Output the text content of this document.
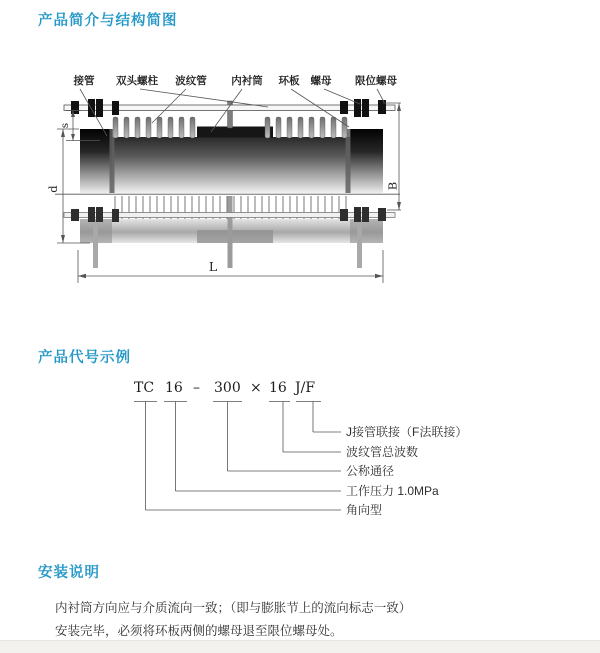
产品简介与结构简图
接管 双头螺柱 波纹管 内衬筒 环板 螺母 限位螺母
s
d	B
L
产品代号示例
TC 16 – 300 × 16 J/F
J接管联接（F法联接）
波纹管总波数
公称通径
工作压力 1.0MPa
角向型
安装说明
内衬筒方向应与介质流向一致；（即与膨胀节上的流向标志一致）
安装完毕，必须将环板两侧的螺母退至限位螺母处。
